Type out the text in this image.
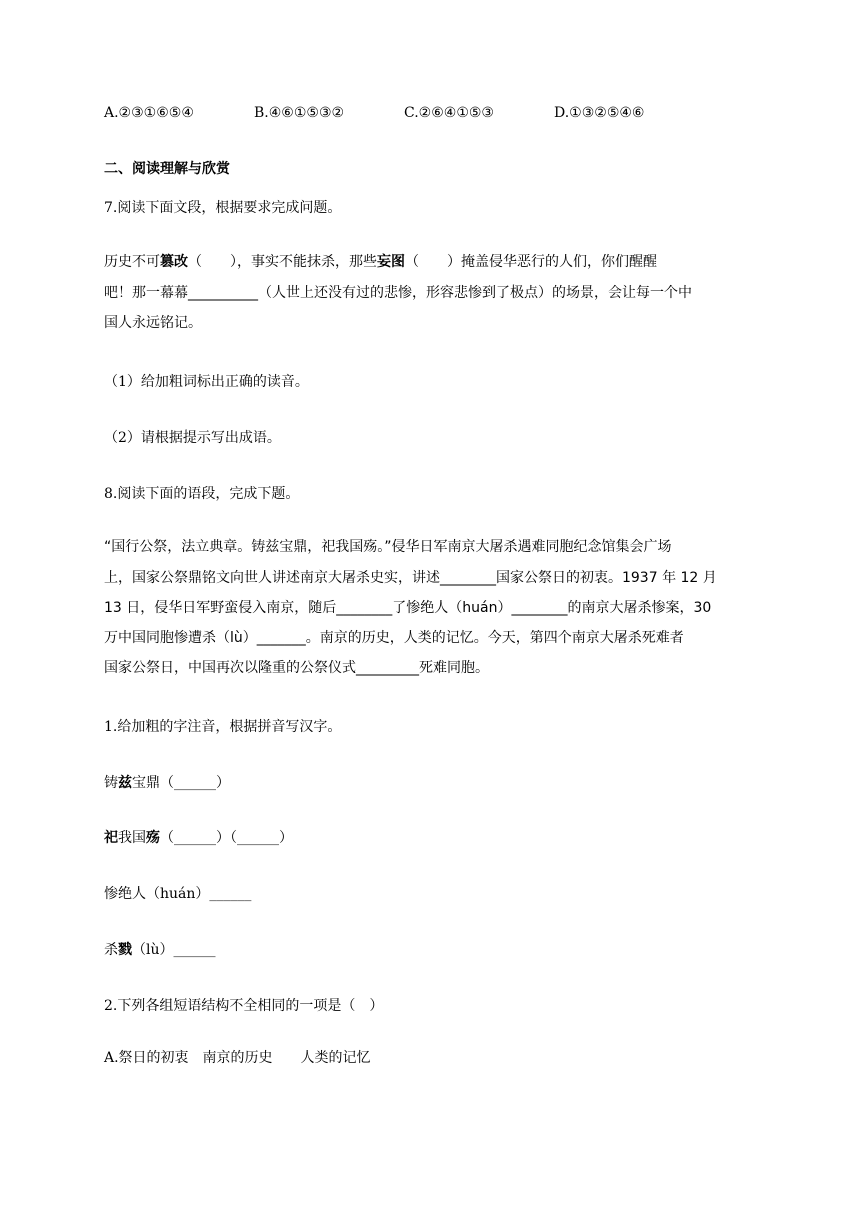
A.②③①⑥⑤④	B.④⑥①⑤③②	C.②⑥④①⑤③	D.①③②⑤④⑥
二、阅读理解与欣赏
7.阅读下面文段，根据要求完成问题。
历史不可篡改（　　），事实不能抹杀，那些妄图（　　）掩盖侵华恶行的人们，你们醒醒
吧！那一幕幕__________（人世上还没有过的悲惨，形容悲惨到了极点）的场景，会让每一个中
国人永远铭记。
（1）给加粗词标出正确的读音。
（2）请根据提示写出成语。
8.阅读下面的语段，完成下题。
“国行公祭，法立典章。铸兹宝鼎，祀我国殇。”侵华日军南京大屠杀遇难同胞纪念馆集会广场
上，国家公祭鼎铭文向世人讲述南京大屠杀史实，讲述________国家公祭日的初衷。1937 年 12 月
13 日，侵华日军野蛮侵入南京，随后________了惨绝人（huán）________的南京大屠杀惨案，30
万中国同胞惨遭杀（lù）_______。南京的历史，人类的记忆。今天，第四个南京大屠杀死难者
国家公祭日，中国再次以隆重的公祭仪式_________死难同胞。
1.给加粗的字注音，根据拼音写汉字。
铸兹宝鼎（______）
祀我国殇（______）（______）
惨绝人（huán）______
杀戮（lù）______
2.下列各组短语结构不全相同的一项是（　）
A.祭日的初衷　南京的历史　　人类的记忆
